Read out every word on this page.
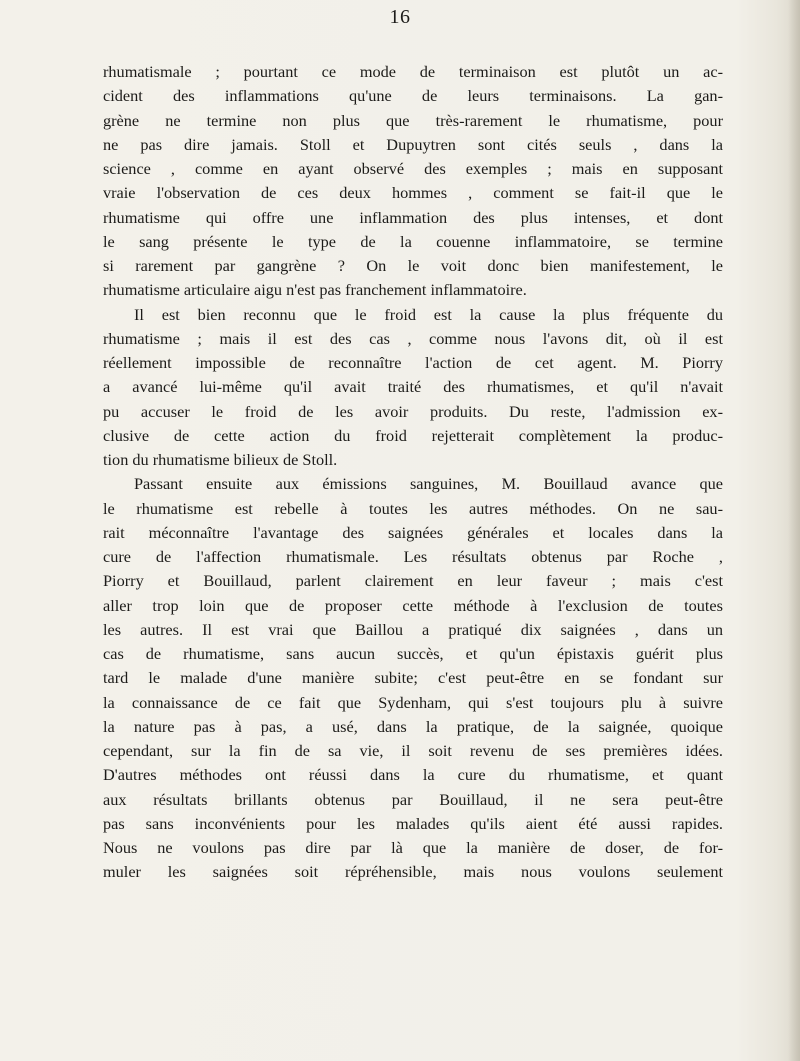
16
rhumatismale ; pourtant ce mode de terminaison est plutôt un ac-
cident des inflammations qu'une de leurs terminaisons. La gan-
grène ne termine non plus que très-rarement le rhumatisme, pour
ne pas dire jamais. Stoll et Dupuytren sont cités seuls , dans la
science , comme en ayant observé des exemples ; mais en supposant
vraie l'observation de ces deux hommes , comment se fait-il que le
rhumatisme qui offre une inflammation des plus intenses, et dont
le sang présente le type de la couenne inflammatoire, se termine
si rarement par gangrène ? On le voit donc bien manifestement, le
rhumatisme articulaire aigu n'est pas franchement inflammatoire.
Il est bien reconnu que le froid est la cause la plus fréquente du
rhumatisme ; mais il est des cas , comme nous l'avons dit, où il est
réellement impossible de reconnaître l'action de cet agent. M. Piorry
a avancé lui-même qu'il avait traité des rhumatismes, et qu'il n'avait
pu accuser le froid de les avoir produits. Du reste, l'admission ex-
clusive de cette action du froid rejetterait complètement la produc-
tion du rhumatisme bilieux de Stoll.
Passant ensuite aux émissions sanguines, M. Bouillaud avance que
le rhumatisme est rebelle à toutes les autres méthodes. On ne sau-
rait méconnaître l'avantage des saignées générales et locales dans la
cure de l'affection rhumatismale. Les résultats obtenus par Roche ,
Piorry et Bouillaud, parlent clairement en leur faveur ; mais c'est
aller trop loin que de proposer cette méthode à l'exclusion de toutes
les autres. Il est vrai que Baillou a pratiqué dix saignées , dans un
cas de rhumatisme, sans aucun succès, et qu'un épistaxis guérit plus
tard le malade d'une manière subite; c'est peut-être en se fondant sur
la connaissance de ce fait que Sydenham, qui s'est toujours plu à suivre
la nature pas à pas, a usé, dans la pratique, de la saignée, quoique
cependant, sur la fin de sa vie, il soit revenu de ses premières idées.
D'autres méthodes ont réussi dans la cure du rhumatisme, et quant
aux résultats brillants obtenus par Bouillaud, il ne sera peut-être
pas sans inconvénients pour les malades qu'ils aient été aussi rapides.
Nous ne voulons pas dire par là que la manière de doser, de for-
muler les saignées soit répréhensible, mais nous voulons seulement
